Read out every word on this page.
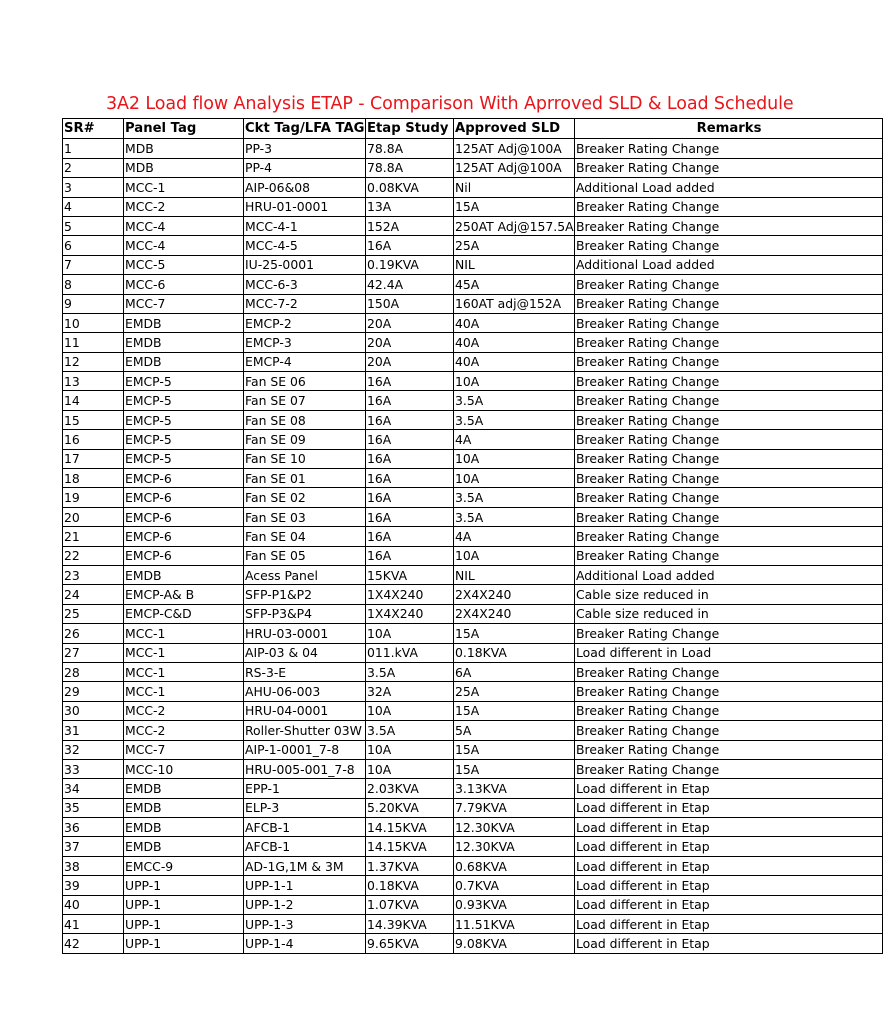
3A2 Load flow Analysis ETAP - Comparison With Aprroved SLD & Load Schedule
SR#	Panel Tag	Ckt Tag/LFA TAG	Etap Study	Approved SLD	Remarks
1	MDB	PP-3	78.8A	125AT Adj@100A	Breaker Rating Change
2	MDB	PP-4	78.8A	125AT Adj@100A	Breaker Rating Change
3	MCC-1	AIP-06&08	0.08KVA	Nil	Additional Load added
4	MCC-2	HRU-01-0001	13A	15A	Breaker Rating Change
5	MCC-4	MCC-4-1	152A	250AT Adj@157.5A	Breaker Rating Change
6	MCC-4	MCC-4-5	16A	25A	Breaker Rating Change
7	MCC-5	IU-25-0001	0.19KVA	NIL	Additional Load added
8	MCC-6	MCC-6-3	42.4A	45A	Breaker Rating Change
9	MCC-7	MCC-7-2	150A	160AT adj@152A	Breaker Rating Change
10	EMDB	EMCP-2	20A	40A	Breaker Rating Change
11	EMDB	EMCP-3	20A	40A	Breaker Rating Change
12	EMDB	EMCP-4	20A	40A	Breaker Rating Change
13	EMCP-5	Fan SE 06	16A	10A	Breaker Rating Change
14	EMCP-5	Fan SE 07	16A	3.5A	Breaker Rating Change
15	EMCP-5	Fan SE 08	16A	3.5A	Breaker Rating Change
16	EMCP-5	Fan SE 09	16A	4A	Breaker Rating Change
17	EMCP-5	Fan SE 10	16A	10A	Breaker Rating Change
18	EMCP-6	Fan SE 01	16A	10A	Breaker Rating Change
19	EMCP-6	Fan SE 02	16A	3.5A	Breaker Rating Change
20	EMCP-6	Fan SE 03	16A	3.5A	Breaker Rating Change
21	EMCP-6	Fan SE 04	16A	4A	Breaker Rating Change
22	EMCP-6	Fan SE 05	16A	10A	Breaker Rating Change
23	EMDB	Acess Panel	15KVA	NIL	Additional Load added
24	EMCP-A& B	SFP-P1&P2	1X4X240	2X4X240	Cable size reduced in
25	EMCP-C&D	SFP-P3&P4	1X4X240	2X4X240	Cable size reduced in
26	MCC-1	HRU-03-0001	10A	15A	Breaker Rating Change
27	MCC-1	AIP-03 & 04	011.kVA	0.18KVA	Load different in Load
28	MCC-1	RS-3-E	3.5A	6A	Breaker Rating Change
29	MCC-1	AHU-06-003	32A	25A	Breaker Rating Change
30	MCC-2	HRU-04-0001	10A	15A	Breaker Rating Change
31	MCC-2	Roller-Shutter 03W	3.5A	5A	Breaker Rating Change
32	MCC-7	AIP-1-0001_7-8	10A	15A	Breaker Rating Change
33	MCC-10	HRU-005-001_7-8	10A	15A	Breaker Rating Change
34	EMDB	EPP-1	2.03KVA	3.13KVA	Load different in Etap
35	EMDB	ELP-3	5.20KVA	7.79KVA	Load different in Etap
36	EMDB	AFCB-1	14.15KVA	12.30KVA	Load different in Etap
37	EMDB	AFCB-1	14.15KVA	12.30KVA	Load different in Etap
38	EMCC-9	AD-1G,1M & 3M	1.37KVA	0.68KVA	Load different in Etap
39	UPP-1	UPP-1-1	0.18KVA	0.7KVA	Load different in Etap
40	UPP-1	UPP-1-2	1.07KVA	0.93KVA	Load different in Etap
41	UPP-1	UPP-1-3	14.39KVA	11.51KVA	Load different in Etap
42	UPP-1	UPP-1-4	9.65KVA	9.08KVA	Load different in Etap
